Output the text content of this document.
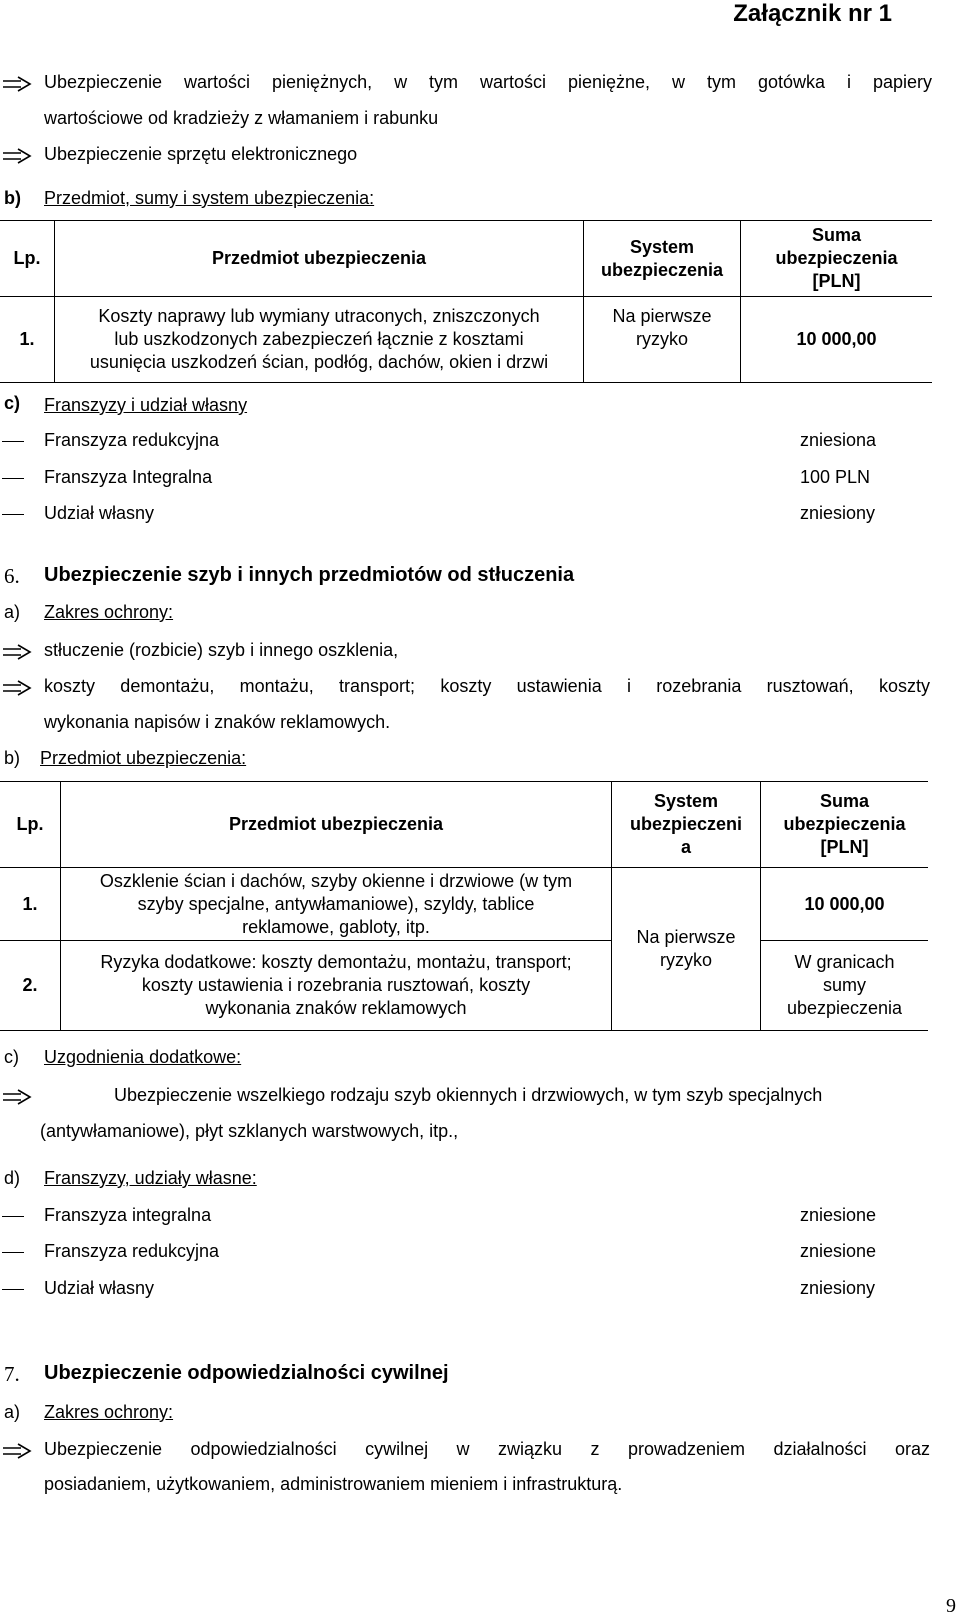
Załącznik nr 1
Ubezpieczenie wartości pieniężnych, w tym wartości pieniężne, w tym gotówka i papiery
wartościowe od kradzieży z włamaniem i rabunku
Ubezpieczenie sprzętu elektronicznego
b) Przedmiot, sumy i system ubezpieczenia:
Lp.	Przedmiot ubezpieczenia	System
ubezpieczenia	Suma
ubezpieczenia
[PLN]
1.	Koszty naprawy lub wymiany utraconych, zniszczonych
lub uszkodzonych zabezpieczeń łącznie z kosztami
usunięcia uszkodzeń ścian, podłóg, dachów, okien i drzwi	Na pierwsze
ryzyko	10 000,00
c) Franszyzy i udział własny
Franszyza redukcyjna	zniesiona
Franszyza Integralna	100 PLN
Udział własny	zniesiony
6. Ubezpieczenie szyb i innych przedmiotów od stłuczenia
a) Zakres ochrony:
stłuczenie (rozbicie) szyb i innego oszklenia,
koszty demontażu, montażu, transport; koszty ustawienia i rozebrania rusztowań, koszty
wykonania napisów i znaków reklamowych.
b) Przedmiot ubezpieczenia:
Lp.	Przedmiot ubezpieczenia	System
ubezpieczeni
a	Suma
ubezpieczenia
[PLN]
1.	Oszklenie ścian i dachów, szyby okienne i drzwiowe (w tym
szyby specjalne, antywłamaniowe), szyldy, tablice
reklamowe, gabloty, itp.	Na pierwsze
ryzyko	10 000,00
2.	Ryzyka dodatkowe: koszty demontażu, montażu, transport;
koszty ustawienia i rozebrania rusztowań, koszty
wykonania znaków reklamowych		W granicach
sumy
ubezpieczenia
c) Uzgodnienia dodatkowe:
Ubezpieczenie wszelkiego rodzaju szyb okiennych i drzwiowych, w tym szyb specjalnych
(antywłamaniowe), płyt szklanych warstwowych, itp.,
d) Franszyzy, udziały własne:
Franszyza integralna	zniesione
Franszyza redukcyjna	zniesione
Udział własny	zniesiony
7. Ubezpieczenie odpowiedzialności cywilnej
a) Zakres ochrony:
Ubezpieczenie odpowiedzialności cywilnej w związku z prowadzeniem działalności oraz
posiadaniem, użytkowaniem, administrowaniem mieniem i infrastrukturą.
9
